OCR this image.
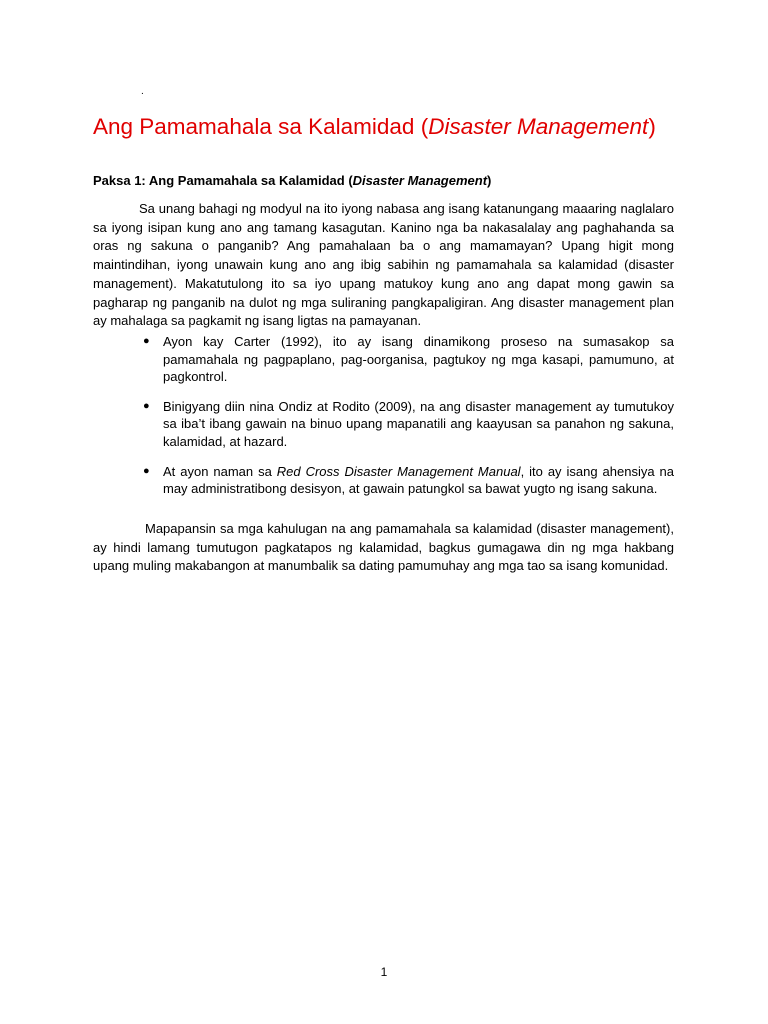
.
Ang Pamamahala sa Kalamidad (Disaster Management)
Paksa 1: Ang Pamamahala sa Kalamidad (Disaster Management)

Sa unang bahagi ng modyul na ito iyong nabasa ang isang katanungang maaaring naglalaro sa iyong isipan kung ano ang tamang kasagutan. Kanino nga ba nakasalalay ang paghahanda sa oras ng sakuna o panganib? Ang pamahalaan ba o ang mamamayan? Upang higit mong maintindihan, iyong unawain kung ano ang ibig sabihin ng pamamahala sa kalamidad (disaster management). Makatutulong ito sa iyo upang matukoy kung ano ang dapat mong gawin sa pagharap ng panganib na dulot ng mga suliraning pangkapaligiran. Ang disaster management plan ay mahalaga sa pagkamit ng isang ligtas na pamayanan.

● Ayon kay Carter (1992), ito ay isang dinamikong proseso na sumasakop sa pamamahala ng pagpaplano, pag-oorganisa, pagtukoy ng mga kasapi, pamumuno, at pagkontrol.
● Binigyang diin nina Ondiz at Rodito (2009), na ang disaster management ay tumutukoy sa iba’t ibang gawain na binuo upang mapanatili ang kaayusan sa panahon ng sakuna, kalamidad, at hazard.
● At ayon naman sa Red Cross Disaster Management Manual, ito ay isang ahensiya na may administratibong desisyon, at gawain patungkol sa bawat yugto ng isang sakuna.

Mapapansin sa mga kahulugan na ang pamamahala sa kalamidad (disaster management), ay hindi lamang tumutugon pagkatapos ng kalamidad, bagkus gumagawa din ng mga hakbang upang muling makabangon at manumbalik sa dating pamumuhay ang mga tao sa isang komunidad.

1
